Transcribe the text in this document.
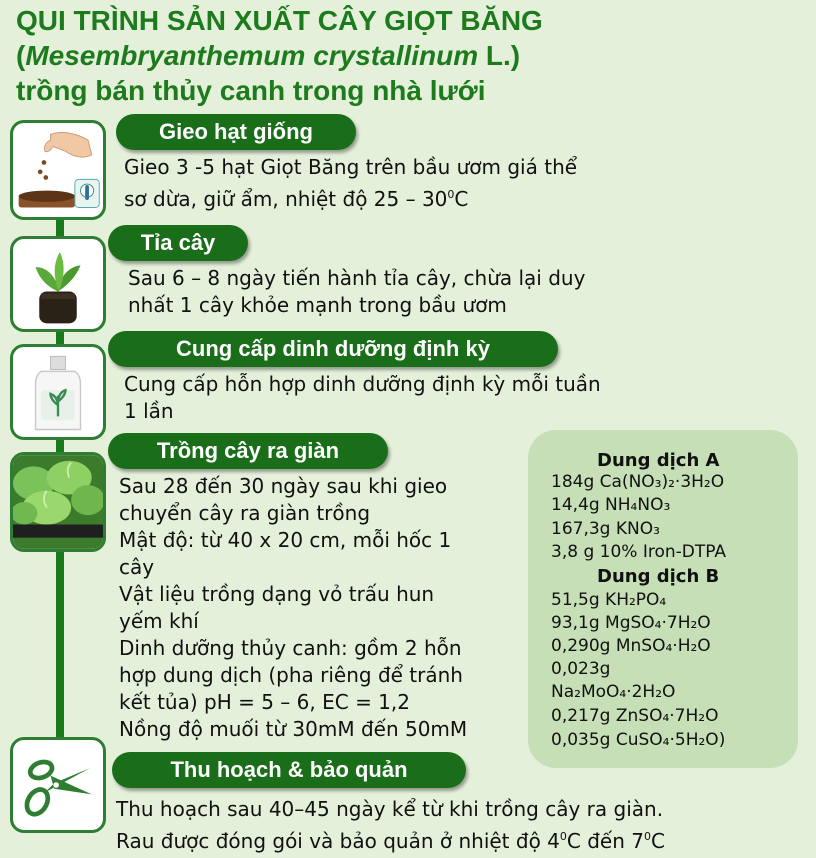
QUI TRÌNH SẢN XUẤT CÂY GIỌT BĂNG
(Mesembryanthemum crystallinum L.)
trồng bán thủy canh trong nhà lưới
Gieo hạt giống
Gieo 3 -5 hạt Giọt Băng trên bầu ươm giá thể
sơ dừa, giữ ẩm, nhiệt độ $25 - 30^0C$
Tỉa cây
Sau 6 – 8 ngày tiến hành tỉa cây, chừa lại duy
nhất 1 cây khỏe mạnh trong bầu ươm
Cung cấp dinh dưỡng định kỳ
Cung cấp hỗn hợp dinh dưỡng định kỳ mỗi tuần
1 lần
Trồng cây ra giàn
Sau 28 đến 30 ngày sau khi gieo
chuyển cây ra giàn trồng
Mật độ: từ 40 x 20 cm, mỗi hốc 1
cây
Vật liệu trồng dạng vỏ trấu hun
yếm khí
Dinh dưỡng thủy canh: gồm 2 hỗn
hợp dung dịch (pha riêng để tránh
kết tủa) pH = 5 – 6, EC = 1,2
Nồng độ muối từ 30mM đến 50mM
Dung dịch A
184g Ca(NO₃)₂·3H₂O
14,4g NH₄NO₃
167,3g KNO₃
3,8 g 10% Iron-DTPA
Dung dịch B
51,5g KH₂PO₄
93,1g MgSO₄·7H₂O
0,290g MnSO₄·H₂O
0,023g
Na₂MoO₄·2H₂O
0,217g ZnSO₄·7H₂O
0,035g CuSO₄·5H₂O)
Thu hoạch & bảo quản
Thu hoạch sau 40–45 ngày kể từ khi trồng cây ra giàn.
Rau được đóng gói và bảo quản ở nhiệt độ $4^0C$ đến $7^0C$
